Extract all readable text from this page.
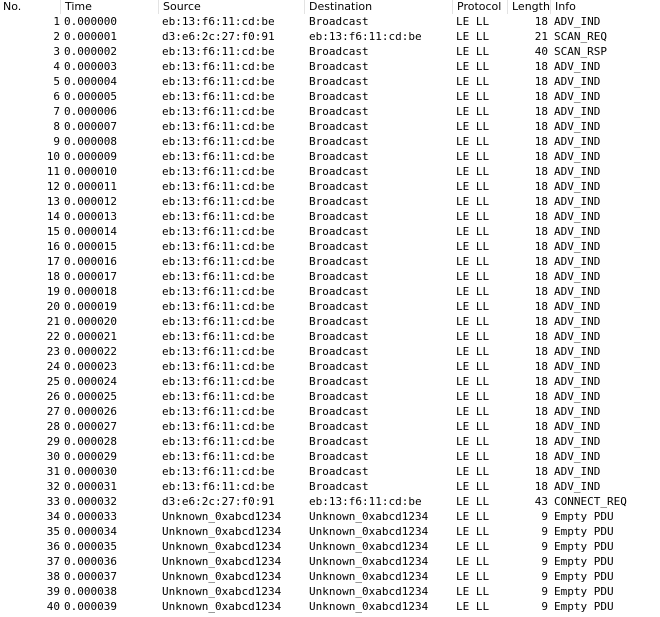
No.	Time	Source	Destination	Protocol Length Info
1 0.000000	eb:13:f6:11:cd:be	Broadcast	LE LL	18 ADV_IND
2 0.000001	d3:e6:2c:27:f0:91	eb:13:f6:11:cd:be	LE LL	21 SCAN_REQ
3 0.000002	eb:13:f6:11:cd:be	Broadcast	LE LL	40 SCAN_RSP
4 0.000003	eb:13:f6:11:cd:be	Broadcast	LE LL	18 ADV_IND
5 0.000004	eb:13:f6:11:cd:be	Broadcast	LE LL	18 ADV_IND
6 0.000005	eb:13:f6:11:cd:be	Broadcast	LE LL	18 ADV_IND
7 0.000006	eb:13:f6:11:cd:be	Broadcast	LE LL	18 ADV_IND
8 0.000007	eb:13:f6:11:cd:be	Broadcast	LE LL	18 ADV_IND
9 0.000008	eb:13:f6:11:cd:be	Broadcast	LE LL	18 ADV_IND
10 0.000009	eb:13:f6:11:cd:be	Broadcast	LE LL	18 ADV_IND
11 0.000010	eb:13:f6:11:cd:be	Broadcast	LE LL	18 ADV_IND
12 0.000011	eb:13:f6:11:cd:be	Broadcast	LE LL	18 ADV_IND
13 0.000012	eb:13:f6:11:cd:be	Broadcast	LE LL	18 ADV_IND
14 0.000013	eb:13:f6:11:cd:be	Broadcast	LE LL	18 ADV_IND
15 0.000014	eb:13:f6:11:cd:be	Broadcast	LE LL	18 ADV_IND
16 0.000015	eb:13:f6:11:cd:be	Broadcast	LE LL	18 ADV_IND
17 0.000016	eb:13:f6:11:cd:be	Broadcast	LE LL	18 ADV_IND
18 0.000017	eb:13:f6:11:cd:be	Broadcast	LE LL	18 ADV_IND
19 0.000018	eb:13:f6:11:cd:be	Broadcast	LE LL	18 ADV_IND
20 0.000019	eb:13:f6:11:cd:be	Broadcast	LE LL	18 ADV_IND
21 0.000020	eb:13:f6:11:cd:be	Broadcast	LE LL	18 ADV_IND
22 0.000021	eb:13:f6:11:cd:be	Broadcast	LE LL	18 ADV_IND
23 0.000022	eb:13:f6:11:cd:be	Broadcast	LE LL	18 ADV_IND
24 0.000023	eb:13:f6:11:cd:be	Broadcast	LE LL	18 ADV_IND
25 0.000024	eb:13:f6:11:cd:be	Broadcast	LE LL	18 ADV_IND
26 0.000025	eb:13:f6:11:cd:be	Broadcast	LE LL	18 ADV_IND
27 0.000026	eb:13:f6:11:cd:be	Broadcast	LE LL	18 ADV_IND
28 0.000027	eb:13:f6:11:cd:be	Broadcast	LE LL	18 ADV_IND
29 0.000028	eb:13:f6:11:cd:be	Broadcast	LE LL	18 ADV_IND
30 0.000029	eb:13:f6:11:cd:be	Broadcast	LE LL	18 ADV_IND
31 0.000030	eb:13:f6:11:cd:be	Broadcast	LE LL	18 ADV_IND
32 0.000031	eb:13:f6:11:cd:be	Broadcast	LE LL	18 ADV_IND
33 0.000032	d3:e6:2c:27:f0:91	eb:13:f6:11:cd:be	LE LL	43 CONNECT_REQ
34 0.000033	Unknown_0xabcd1234	Unknown_0xabcd1234	LE LL	9 Empty PDU
35 0.000034	Unknown_0xabcd1234	Unknown_0xabcd1234	LE LL	9 Empty PDU
36 0.000035	Unknown_0xabcd1234	Unknown_0xabcd1234	LE LL	9 Empty PDU
37 0.000036	Unknown_0xabcd1234	Unknown_0xabcd1234	LE LL	9 Empty PDU
38 0.000037	Unknown_0xabcd1234	Unknown_0xabcd1234	LE LL	9 Empty PDU
39 0.000038	Unknown_0xabcd1234	Unknown_0xabcd1234	LE LL	9 Empty PDU
40 0.000039	Unknown_0xabcd1234	Unknown_0xabcd1234	LE LL	9 Empty PDU
